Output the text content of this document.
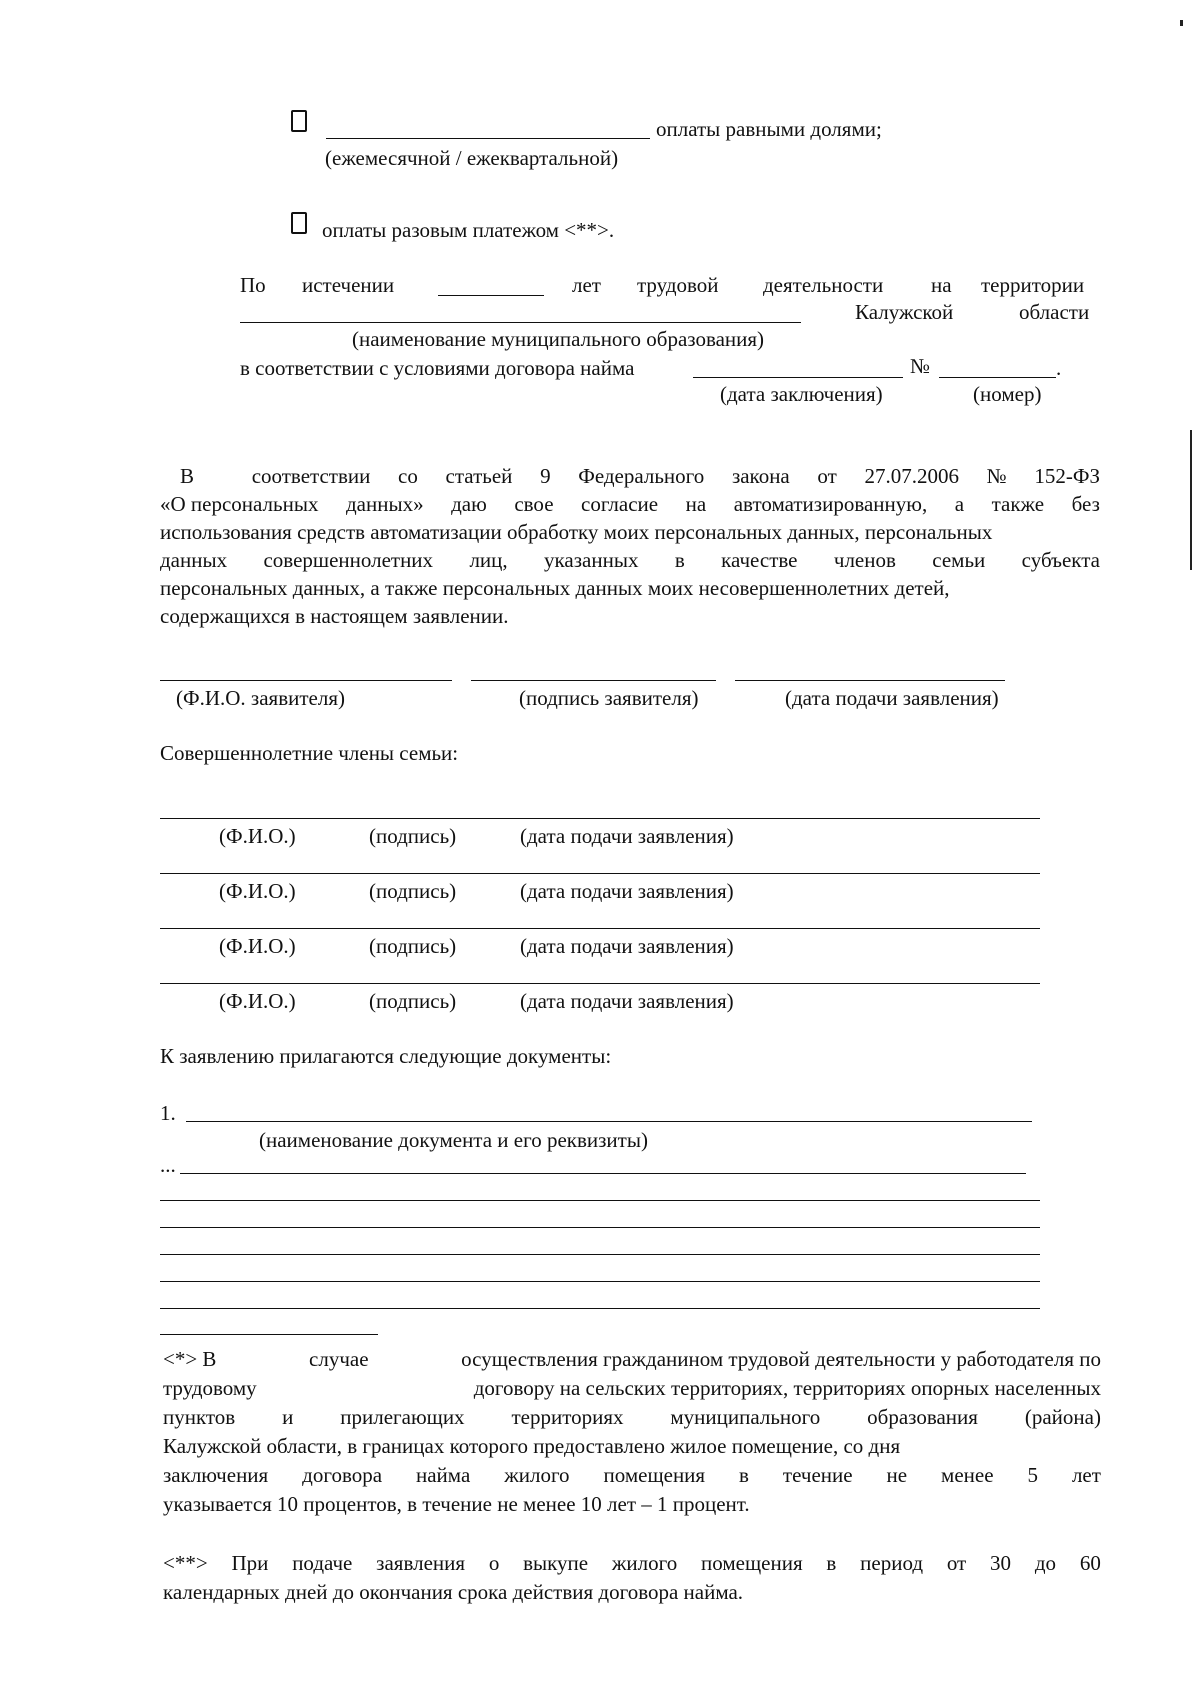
оплаты равными долями;
(ежемесячной / ежеквартальной)
оплаты разовым платежом <**>.
По истечении	лет трудовой деятельности на территории
Калужской	области
(наименование муниципального образования)
в соответствии с условиями договора найма	№	.
(дата заключения)	(номер)
В	соответствии со статьей 9 Федерального закона от 27.07.2006 № 152-ФЗ
«О персональных данных» даю свое согласие на автоматизированную, а также без
использования средств автоматизации обработку моих персональных данных, персональных
данных совершеннолетних лиц, указанных в качестве членов семьи субъекта
персональных данных, а также персональных данных моих несовершеннолетних детей,
содержащихся в настоящем заявлении.
(Ф.И.О. заявителя)	(подпись заявителя)	(дата подачи заявления)
Совершеннолетние члены семьи:
(Ф.И.О.)	(подпись)	(дата подачи заявления)
(Ф.И.О.)	(подпись)	(дата подачи заявления)
(Ф.И.О.)	(подпись)	(дата подачи заявления)
(Ф.И.О.)	(подпись)	(дата подачи заявления)
К заявлению прилагаются следующие документы:
1.
(наименование документа и его реквизиты)
...
<*> В	случае	осуществления гражданином трудовой деятельности у работодателя по
трудовому	договору на сельских территориях, территориях опорных населенных
пунктов и прилегающих территориях муниципального образования (района)
Калужской области, в границах которого предоставлено жилое помещение, со дня
заключения договора найма жилого помещения в течение не менее 5 лет
указывается 10 процентов, в течение не менее 10 лет – 1 процент.
<**> При подаче заявления о выкупе жилого помещения в период от 30 до 60
календарных дней до окончания срока действия договора найма.
